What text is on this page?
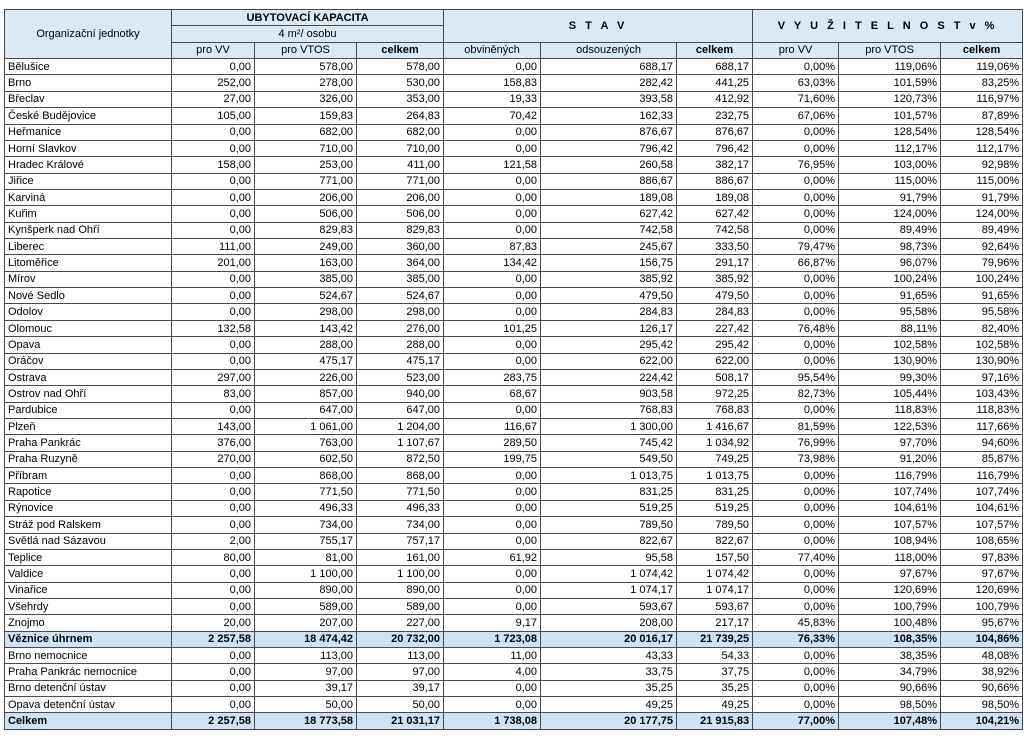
Organizační jednotky	UBYTOVACÍ KAPACITA			S T A V			V Y U Ž I T E L N O S T v %		
	4 m²/ osobu								
	pro VV	pro VTOS	celkem	obviněných	odsouzených	celkem	pro VV	pro VTOS	celkem
Bělušice	0,00	578,00	578,00	0,00	688,17	688,17	0,00%	119,06%	119,06%
Brno	252,00	278,00	530,00	158,83	282,42	441,25	63,03%	101,59%	83,25%
Břeclav	27,00	326,00	353,00	19,33	393,58	412,92	71,60%	120,73%	116,97%
České Budějovice	105,00	159,83	264,83	70,42	162,33	232,75	67,06%	101,57%	87,89%
Heřmanice	0,00	682,00	682,00	0,00	876,67	876,67	0,00%	128,54%	128,54%
Horní Slavkov	0,00	710,00	710,00	0,00	796,42	796,42	0,00%	112,17%	112,17%
Hradec Králové	158,00	253,00	411,00	121,58	260,58	382,17	76,95%	103,00%	92,98%
Jiřice	0,00	771,00	771,00	0,00	886,67	886,67	0,00%	115,00%	115,00%
Karviná	0,00	206,00	206,00	0,00	189,08	189,08	0,00%	91,79%	91,79%
Kuřim	0,00	506,00	506,00	0,00	627,42	627,42	0,00%	124,00%	124,00%
Kynšperk nad Ohří	0,00	829,83	829,83	0,00	742,58	742,58	0,00%	89,49%	89,49%
Liberec	111,00	249,00	360,00	87,83	245,67	333,50	79,47%	98,73%	92,64%
Litoměřice	201,00	163,00	364,00	134,42	156,75	291,17	66,87%	96,07%	79,96%
Mírov	0,00	385,00	385,00	0,00	385,92	385,92	0,00%	100,24%	100,24%
Nové Sedlo	0,00	524,67	524,67	0,00	479,50	479,50	0,00%	91,65%	91,65%
Odolov	0,00	298,00	298,00	0,00	284,83	284,83	0,00%	95,58%	95,58%
Olomouc	132,58	143,42	276,00	101,25	126,17	227,42	76,48%	88,11%	82,40%
Opava	0,00	288,00	288,00	0,00	295,42	295,42	0,00%	102,58%	102,58%
Oráčov	0,00	475,17	475,17	0,00	622,00	622,00	0,00%	130,90%	130,90%
Ostrava	297,00	226,00	523,00	283,75	224,42	508,17	95,54%	99,30%	97,16%
Ostrov nad Ohří	83,00	857,00	940,00	68,67	903,58	972,25	82,73%	105,44%	103,43%
Pardubice	0,00	647,00	647,00	0,00	768,83	768,83	0,00%	118,83%	118,83%
Plzeň	143,00	1 061,00	1 204,00	116,67	1 300,00	1 416,67	81,59%	122,53%	117,66%
Praha Pankrác	376,00	763,00	1 107,67	289,50	745,42	1 034,92	76,99%	97,70%	94,60%
Praha Ruzyně	270,00	602,50	872,50	199,75	549,50	749,25	73,98%	91,20%	85,87%
Příbram	0,00	868,00	868,00	0,00	1 013,75	1 013,75	0,00%	116,79%	116,79%
Rapotice	0,00	771,50	771,50	0,00	831,25	831,25	0,00%	107,74%	107,74%
Rýnovice	0,00	496,33	496,33	0,00	519,25	519,25	0,00%	104,61%	104,61%
Stráž pod Ralskem	0,00	734,00	734,00	0,00	789,50	789,50	0,00%	107,57%	107,57%
Světlá nad Sázavou	2,00	755,17	757,17	0,00	822,67	822,67	0,00%	108,94%	108,65%
Teplice	80,00	81,00	161,00	61,92	95,58	157,50	77,40%	118,00%	97,83%
Valdice	0,00	1 100,00	1 100,00	0,00	1 074,42	1 074,42	0,00%	97,67%	97,67%
Vinařice	0,00	890,00	890,00	0,00	1 074,17	1 074,17	0,00%	120,69%	120,69%
Všehrdy	0,00	589,00	589,00	0,00	593,67	593,67	0,00%	100,79%	100,79%
Znojmo	20,00	207,00	227,00	9,17	208,00	217,17	45,83%	100,48%	95,67%
Věznice úhrnem	2 257,58	18 474,42	20 732,00	1 723,08	20 016,17	21 739,25	76,33%	108,35%	104,86%
Brno nemocnice	0,00	113,00	113,00	11,00	43,33	54,33	0,00%	38,35%	48,08%
Praha Pankrác nemocnice	0,00	97,00	97,00	4,00	33,75	37,75	0,00%	34,79%	38,92%
Brno detenční ústav	0,00	39,17	39,17	0,00	35,25	35,25	0,00%	90,66%	90,66%
Opava detenční ústav	0,00	50,00	50,00	0,00	49,25	49,25	0,00%	98,50%	98,50%
Celkem	2 257,58	18 773,58	21 031,17	1 738,08	20 177,75	21 915,83	77,00%	107,48%	104,21%
